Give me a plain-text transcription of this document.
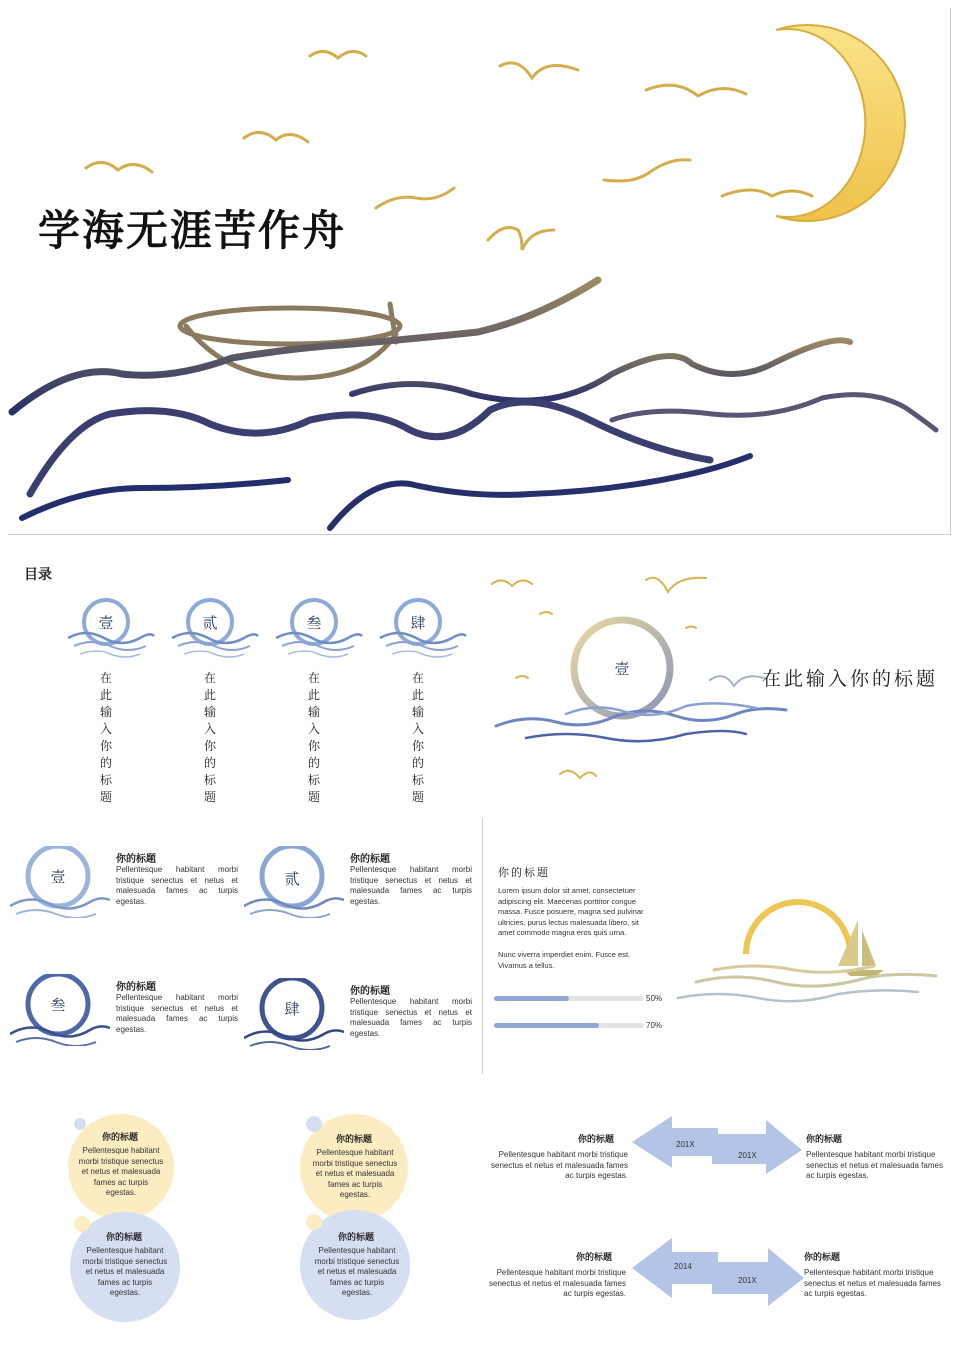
学海无涯苦作舟
目录
壹
在此输入你的标题
贰
在此输入你的标题
叁
在此输入你的标题
肆
在此输入你的标题
壹	在此输入你的标题
壹
你的标题
Pellentesque habitant morbi tristique senectus et netus et malesuada fames ac turpis egestas.
贰
你的标题
Pellentesque habitant morbi tristique senectus et netus et malesuada fames ac turpis egestas.
叁
你的标题
Pellentesque habitant morbi tristique senectus et netus et malesuada fames ac turpis egestas.
肆
你的标题
Pellentesque habitant morbi tristique senectus et netus et malesuada fames ac turpis egestas.
你的标题
Lorem ipsum dolor sit amet, consectetuer adipiscing elit. Maecenas porttitor congue massa. Fusce posuere, magna sed pulvinar ultricies, purus lectus malesuada libero, sit amet commodo magna eros quis urna.
Nunc viverra imperdiet enim. Fusce est. Vivamus a tellus.
50%
70%
你的标题
Pellentesque habitant morbi tristique senectus et netus et malesuada fames ac turpis egestas.
你的标题
Pellentesque habitant morbi tristique senectus et netus et malesuada fames ac turpis egestas.
你的标题
Pellentesque habitant morbi tristique senectus et netus et malesuada fames ac turpis egestas.
你的标题
Pellentesque habitant morbi tristique senectus et netus et malesuada fames ac turpis egestas.
你的标题
Pellentesque habitant morbi tristique senectus et netus et malesuada fames ac turpis egestas.
201X
201X
你的标题
Pellentesque habitant morbi tristique senectus et netus et malesuada fames ac turpis egestas.
你的标题
Pellentesque habitant morbi tristique senectus et netus et malesuada fames ac turpis egestas.
2014
201X
你的标题
Pellentesque habitant morbi tristique senectus et netus et malesuada fames ac turpis egestas.
